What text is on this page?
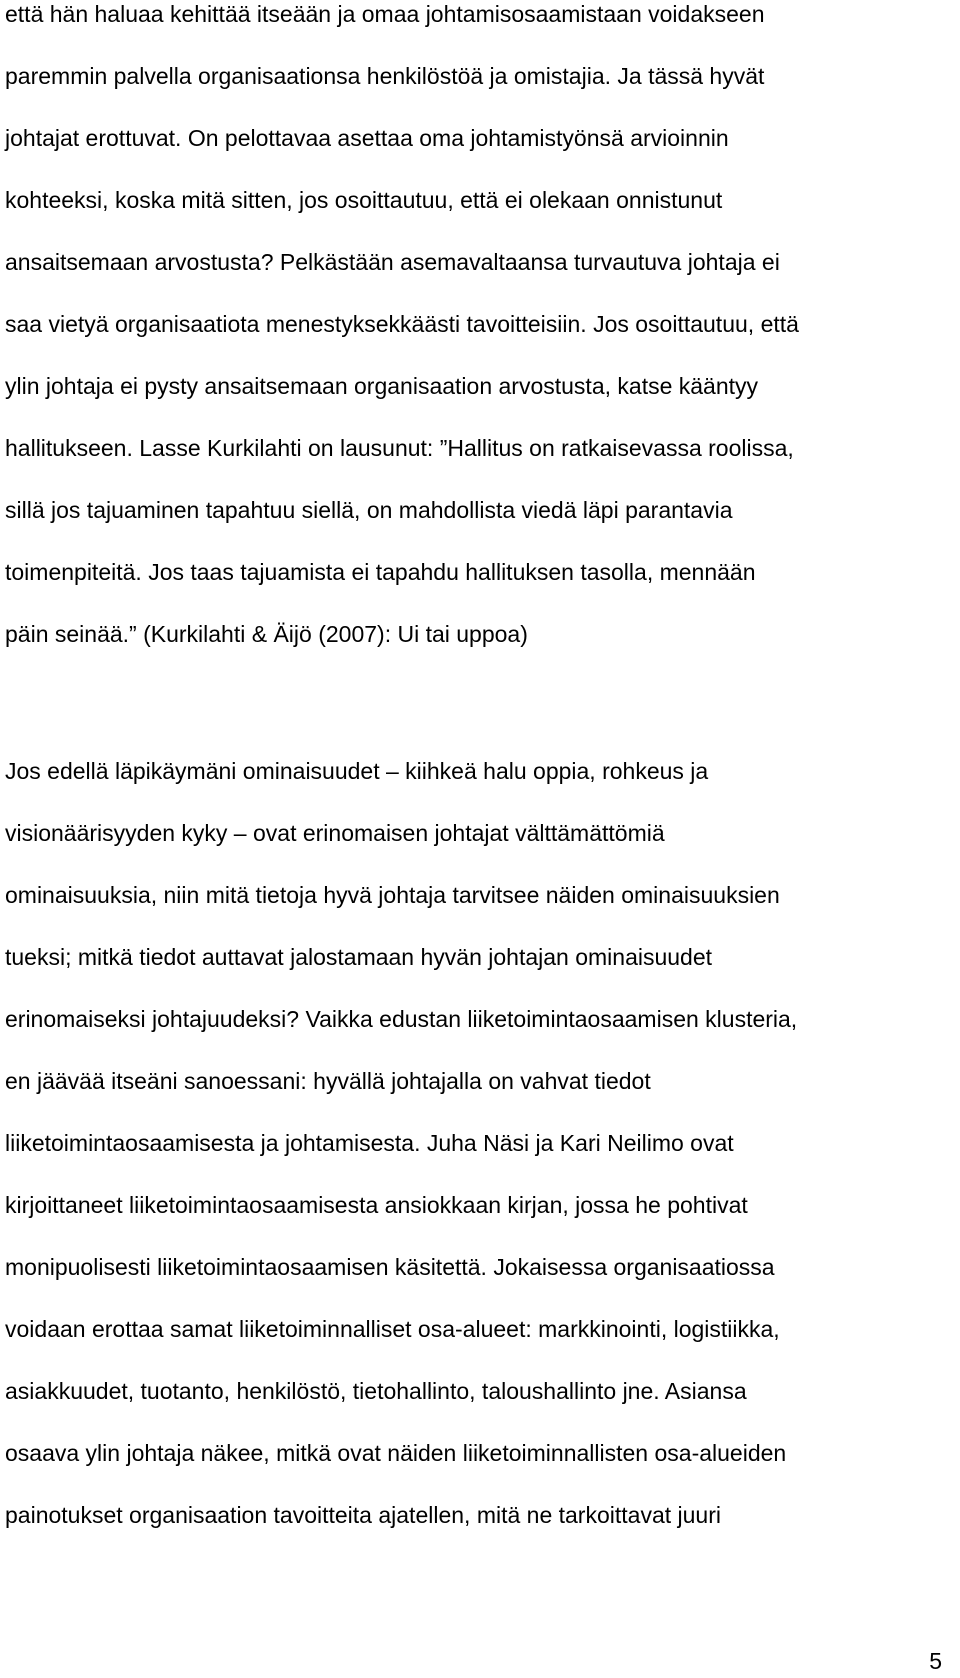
että hän haluaa kehittää itseään ja omaa johtamisosaamistaan voidakseen
paremmin palvella organisaationsa henkilöstöä ja omistajia. Ja tässä hyvät
johtajat erottuvat. On pelottavaa asettaa oma johtamistyönsä arvioinnin
kohteeksi, koska mitä sitten, jos osoittautuu, että ei olekaan onnistunut
ansaitsemaan arvostusta? Pelkästään asemavaltaansa turvautuva johtaja ei
saa vietyä organisaatiota menestyksekkäästi tavoitteisiin. Jos osoittautuu, että
ylin johtaja ei pysty ansaitsemaan organisaation arvostusta, katse kääntyy
hallitukseen. Lasse Kurkilahti on lausunut: ”Hallitus on ratkaisevassa roolissa,
sillä jos tajuaminen tapahtuu siellä, on mahdollista viedä läpi parantavia
toimenpiteitä. Jos taas tajuamista ei tapahdu hallituksen tasolla, mennään
päin seinää.” (Kurkilahti & Äijö (2007): Ui tai uppoa)

Jos edellä läpikäymäni ominaisuudet – kiihkeä halu oppia, rohkeus ja
visionäärisyyden kyky – ovat erinomaisen johtajat välttämättömiä
ominaisuuksia, niin mitä tietoja hyvä johtaja tarvitsee näiden ominaisuuksien
tueksi; mitkä tiedot auttavat jalostamaan hyvän johtajan ominaisuudet
erinomaiseksi johtajuudeksi? Vaikka edustan liiketoimintaosaamisen klusteria,
en jäävää itseäni sanoessani: hyvällä johtajalla on vahvat tiedot
liiketoimintaosaamisesta ja johtamisesta. Juha Näsi ja Kari Neilimo ovat
kirjoittaneet liiketoimintaosaamisesta ansiokkaan kirjan, jossa he pohtivat
monipuolisesti liiketoimintaosaamisen käsitettä. Jokaisessa organisaatiossa
voidaan erottaa samat liiketoiminnalliset osa-alueet: markkinointi, logistiikka,
asiakkuudet, tuotanto, henkilöstö, tietohallinto, taloushallinto jne. Asiansa
osaava ylin johtaja näkee, mitkä ovat näiden liiketoiminnallisten osa-alueiden
painotukset organisaation tavoitteita ajatellen, mitä ne tarkoittavat juuri

5
